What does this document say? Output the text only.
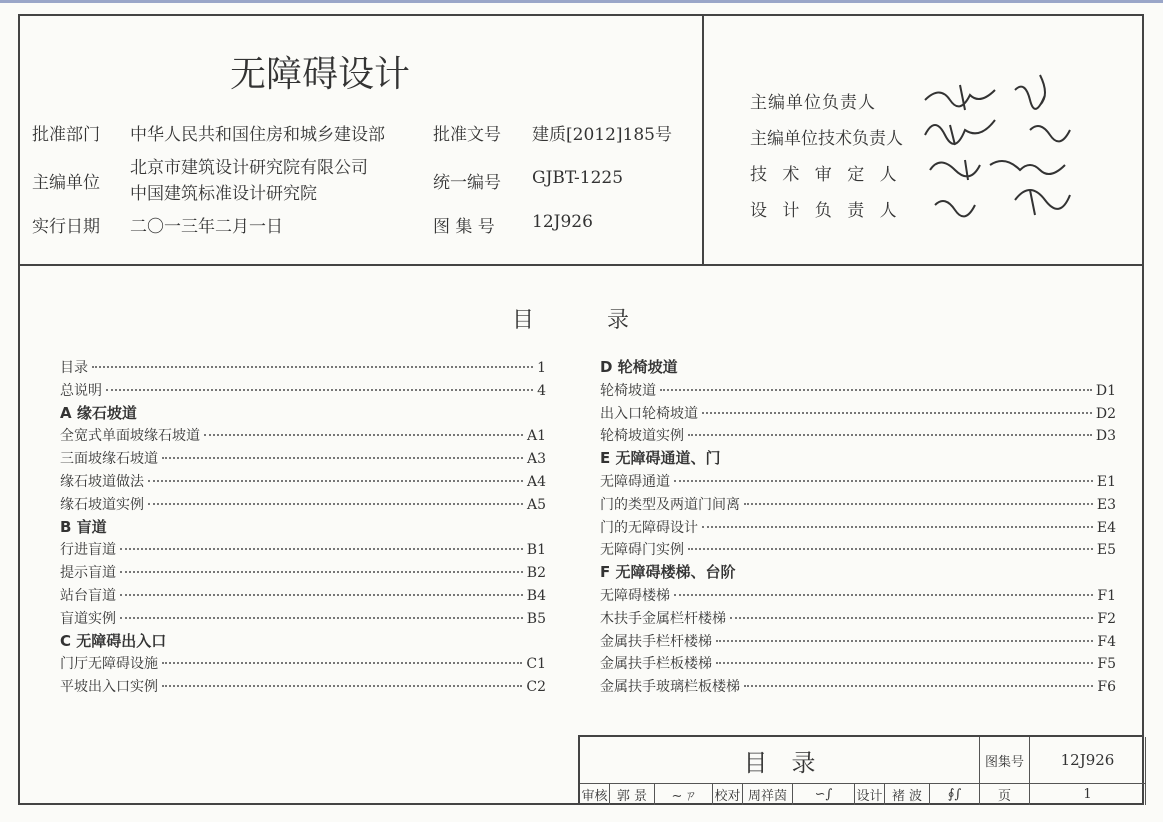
无障碍设计
批准部门 中华人民共和国住房和城乡建设部	批准文号 建质[2012]185号
主编单位
北京市建筑设计研究院有限公司
中国建筑标准设计研究院
统一编号 GJBT-1225
实行日期 二〇一三年二月一日	图 集 号 12J926
主编单位负责人
主编单位技术负责人
技 术 审 定 人
设 计 负 责 人
目	录
目录	1
总说明	4
A 缘石坡道
全宽式单面坡缘石坡道	A1
三面坡缘石坡道	A3
缘石坡道做法	A4
缘石坡道实例	A5
B 盲道
行进盲道	B1
提示盲道	B2
站台盲道	B4
盲道实例	B5
C 无障碍出入口
门厅无障碍设施	C1
平坡出入口实例	C2
D 轮椅坡道
轮椅坡道	D1
出入口轮椅坡道	D2
轮椅坡道实例	D3
E 无障碍通道、门
无障碍通道	E1
门的类型及两道门间离	E3
门的无障碍设计	E4
无障碍门实例	E5
F 无障碍楼梯、台阶
无障碍楼梯	F1
木扶手金属栏杆楼梯	F2
金属扶手栏杆楼梯	F4
金属扶手栏板楼梯	F5
金属扶手玻璃栏板楼梯	F6
目　录	图集号	12J926
审核 郭 景	∼ㄗ	校对 周祥茵	∽∫	设计 褚 波	∮∫	页	1
